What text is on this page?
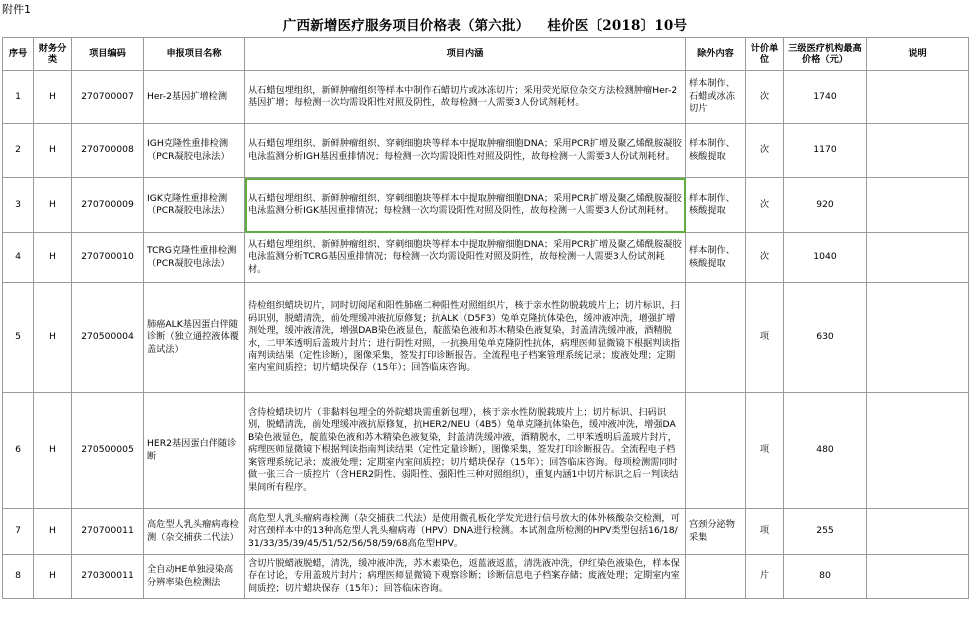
附件1
广西新增医疗服务项目价格表（第六批） 桂价医〔2018〕10号
序号	财务分类	项目编码	申报项目名称	项目内涵	除外内容	计价单位	三级医疗机构最高价格（元）	说明
1	H	270700007	Her-2基因扩增检测	从石蜡包埋组织，新鲜肿瘤组织等样本中制作石蜡切片或冰冻切片；采用荧光原位杂交方法检测肿瘤Her-2基因扩增；每检测一次均需设阳性对照及阴性，故每检测一人需要3人份试剂耗材。	样本制作、石蜡或冰冻切片	次	1740	
2	H	270700008	IGH克隆性重排检测（PCR凝胶电泳法）	从石蜡包埋组织、新鲜肿瘤组织、穿刺细胞块等样本中提取肿瘤细胞DNA；采用PCR扩增及聚乙烯酰胺凝胶电泳监测分析IGH基因重排情况；每检测一次均需设阳性对照及阴性，故每检测一人需要3人份试剂耗材。	样本制作、核酸提取	次	1170	
3	H	270700009	IGK克隆性重排检测（PCR凝胶电泳法）	从石蜡包埋组织、新鲜肿瘤组织、穿刺细胞块等样本中提取肿瘤细胞DNA；采用PCR扩增及聚乙烯酰胺凝胶电泳监测分析IGK基因重排情况；每检测一次均需设阳性对照及阴性，故每检测一人需要3人份试剂耗材。	样本制作、核酸提取	次	920	
4	H	270700010	TCRG克隆性重排检测（PCR凝胶电泳法）	从石蜡包埋组织、新鲜肿瘤组织、穿刺细胞块等样本中提取肿瘤细胞DNA；采用PCR扩增及聚乙烯酰胺凝胶电泳监测分析TCRG基因重排情况；每检测一次均需设阳性对照及阴性，故每检测一人需要3人份试剂耗材。	样本制作、核酸提取	次	1040	
5	H	270500004	肺癌ALK基因蛋白伴随诊断（独立通控液体覆盖试法）	待检组织蜡块切片，同时切阅尾和阳性肺癌二种阳性对照组织片，核于亲水性防脱载玻片上；切片标识、扫码识别，脱蜡清洗，前处理缓冲液抗原修复；抗ALK（D5F3）兔单克隆抗体染色，缓冲液冲洗，增强扩增剂处理，缓冲液清洗，增强DAB染色液显色，靛蓝染色液和苏木精染色液复染，封盖清洗缓冲液，酒精脱水，二甲苯透明后盖玻片封片；进行阴性对照，一抗换用兔单克隆阴性抗体，病理医师显微镜下根据判读指南判读结果（定性诊断），图像采集，签发打印诊断报告。全流程电子档案管理系统记录；废液处理；定期室内室间质控；切片蜡块保存（15年）；回答临床咨询。		项	630	
6	H	270500005	HER2基因蛋白伴随诊断	含待检蜡块切片（非黏料包埋全的外院蜡块需重新包埋），核于亲水性防脱载玻片上；切片标识、扫码识别，脱蜡清洗，前处理缓冲液抗原修复，抗HER2/NEU（4B5）兔单克隆抗体染色，缓冲液冲洗，增强DAB染色液显色，靛蓝染色液和苏木精染色液复染，封盖清洗缓冲液，酒精脱水，二甲苯透明后盖玻片封片，病理医师显微镜下根据判读指南判读结果（定性定量诊断），图像采集，签发打印诊断报告。全流程电子档案管理系统记录；废液处理；定期室内室间质控；切片蜡块保存（15年）；回答临床咨询。每项检测需同时做一张三合一质控片（含HER2阴性、弱阳性、强阳性三种对照组织），重复内涵1中切片标识之后一判读结果间所有程序。		项	480	
7	H	270700011	高危型人乳头瘤病毒检测（杂交捕获二代法）	高危型人乳头瘤病毒检测（杂交捕获二代法）是使用微孔板化学发光进行信号放大的体外核酸杂交检测，可对宫颈样本中的13种高危型人乳头瘤病毒（HPV）DNA进行检测。本试剂盒所检测的HPV类型包括16/18/31/33/35/39/45/51/52/56/58/59/68高危型HPV。	宫颈分泌物采集	项	255	
8	H	270300011	全自动HE单独浸染高分辨率染色检测法	含切片脱蜡液脱蜡，清洗，缓冲液冲洗，苏木素染色，返蓝液返蓝，清洗液冲洗，伊红染色液染色，样本保存在讨论，专用盖玻片封片；病理医师显微镜下观察诊断；诊断信息电子档案存储；废液处理；定期室内室间质控；切片蜡块保存（15年）；回答临床咨询。		片	80	
价
